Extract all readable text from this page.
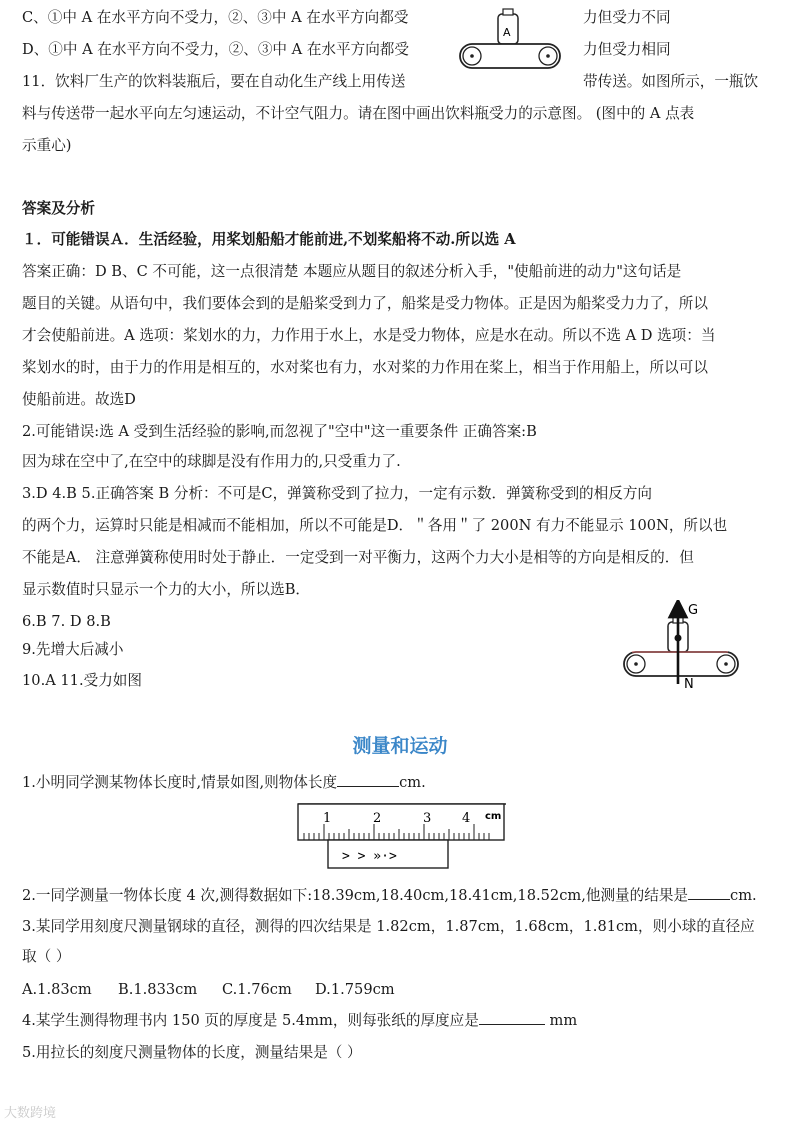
C、①中 A 在水平方向不受力，②、③中 A 在水平方向都受	力但受力不同
D、①中 A 在水平方向不受力，②、③中 A 在水平方向都受	力但受力相同
11．饮料厂生产的饮料装瓶后，要在自动化生产线上用传送	带传送。如图所示，一瓶饮
料与传送带一起水平向左匀速运动，不计空气阻力。请在图中画出饮料瓶受力的示意图。 (图中的 A 点表
示重心)
A
答案及分析
１．可能错误Ａ．生活经验，用桨划船船才能前进,不划桨船将不动.所以选 A
答案正确：D B、C 不可能，这一点很清楚 本题应从题目的叙述分析入手，"使船前进的动力"这句话是
题目的关键。从语句中，我们要体会到的是船桨受到力了，船桨是受力物体。正是因为船桨受力力了，所以
才会使船前进。A 选项：桨划水的力，力作用于水上，水是受力物体，应是水在动。所以不选 A D 选项：当
桨划水的时，由于力的作用是相互的，水对桨也有力，水对桨的力作用在桨上，相当于作用船上，所以可以
使船前进。故选D
2.可能错误:选 A 受到生活经验的影响,而忽视了"空中"这一重要条件 正确答案:B
因为球在空中了,在空中的球脚是没有作用力的,只受重力了.
3.D 4.B 5.正确答案 B 分析：不可是C，弹簧称受到了拉力，一定有示数．弹簧称受到的相反方向
的两个力，运算时只能是相减而不能相加，所以不可能是D．＂各用＂了 200N 有力不能显示 100N，所以也
不能是A． 注意弹簧称使用时处于静止．一定受到一对平衡力，这两个力大小是相等的方向是相反的．但
显示数值时只显示一个力的大小，所以选B．
6.B 7. D 8.B
9.先增大后减小
10.A 11.受力如图
G
N
测量和运动
1.小明同学测某物体长度时,情景如图,则物体长度	cm.
1	2	3 4 cm
> > »·>
2.一同学测量一物体长度 4 次,测得数据如下:18.39cm,18.40cm,18.41cm,18.52cm,他测量的结果是	cm.
3.某同学用刻度尺测量钢球的直径，测得的四次结果是 1.82cm，1.87cm，1.68cm，1.81cm，则小球的直径应
取（ ）
A.1.83cm B.1.833cm C.1.76cm D.1.759cm
4.某学生测得物理书内 150 页的厚度是 5.4mm，则每张纸的厚度应是	mm
5.用拉长的刻度尺测量物体的长度，测量结果是（ ）
大数跨境
